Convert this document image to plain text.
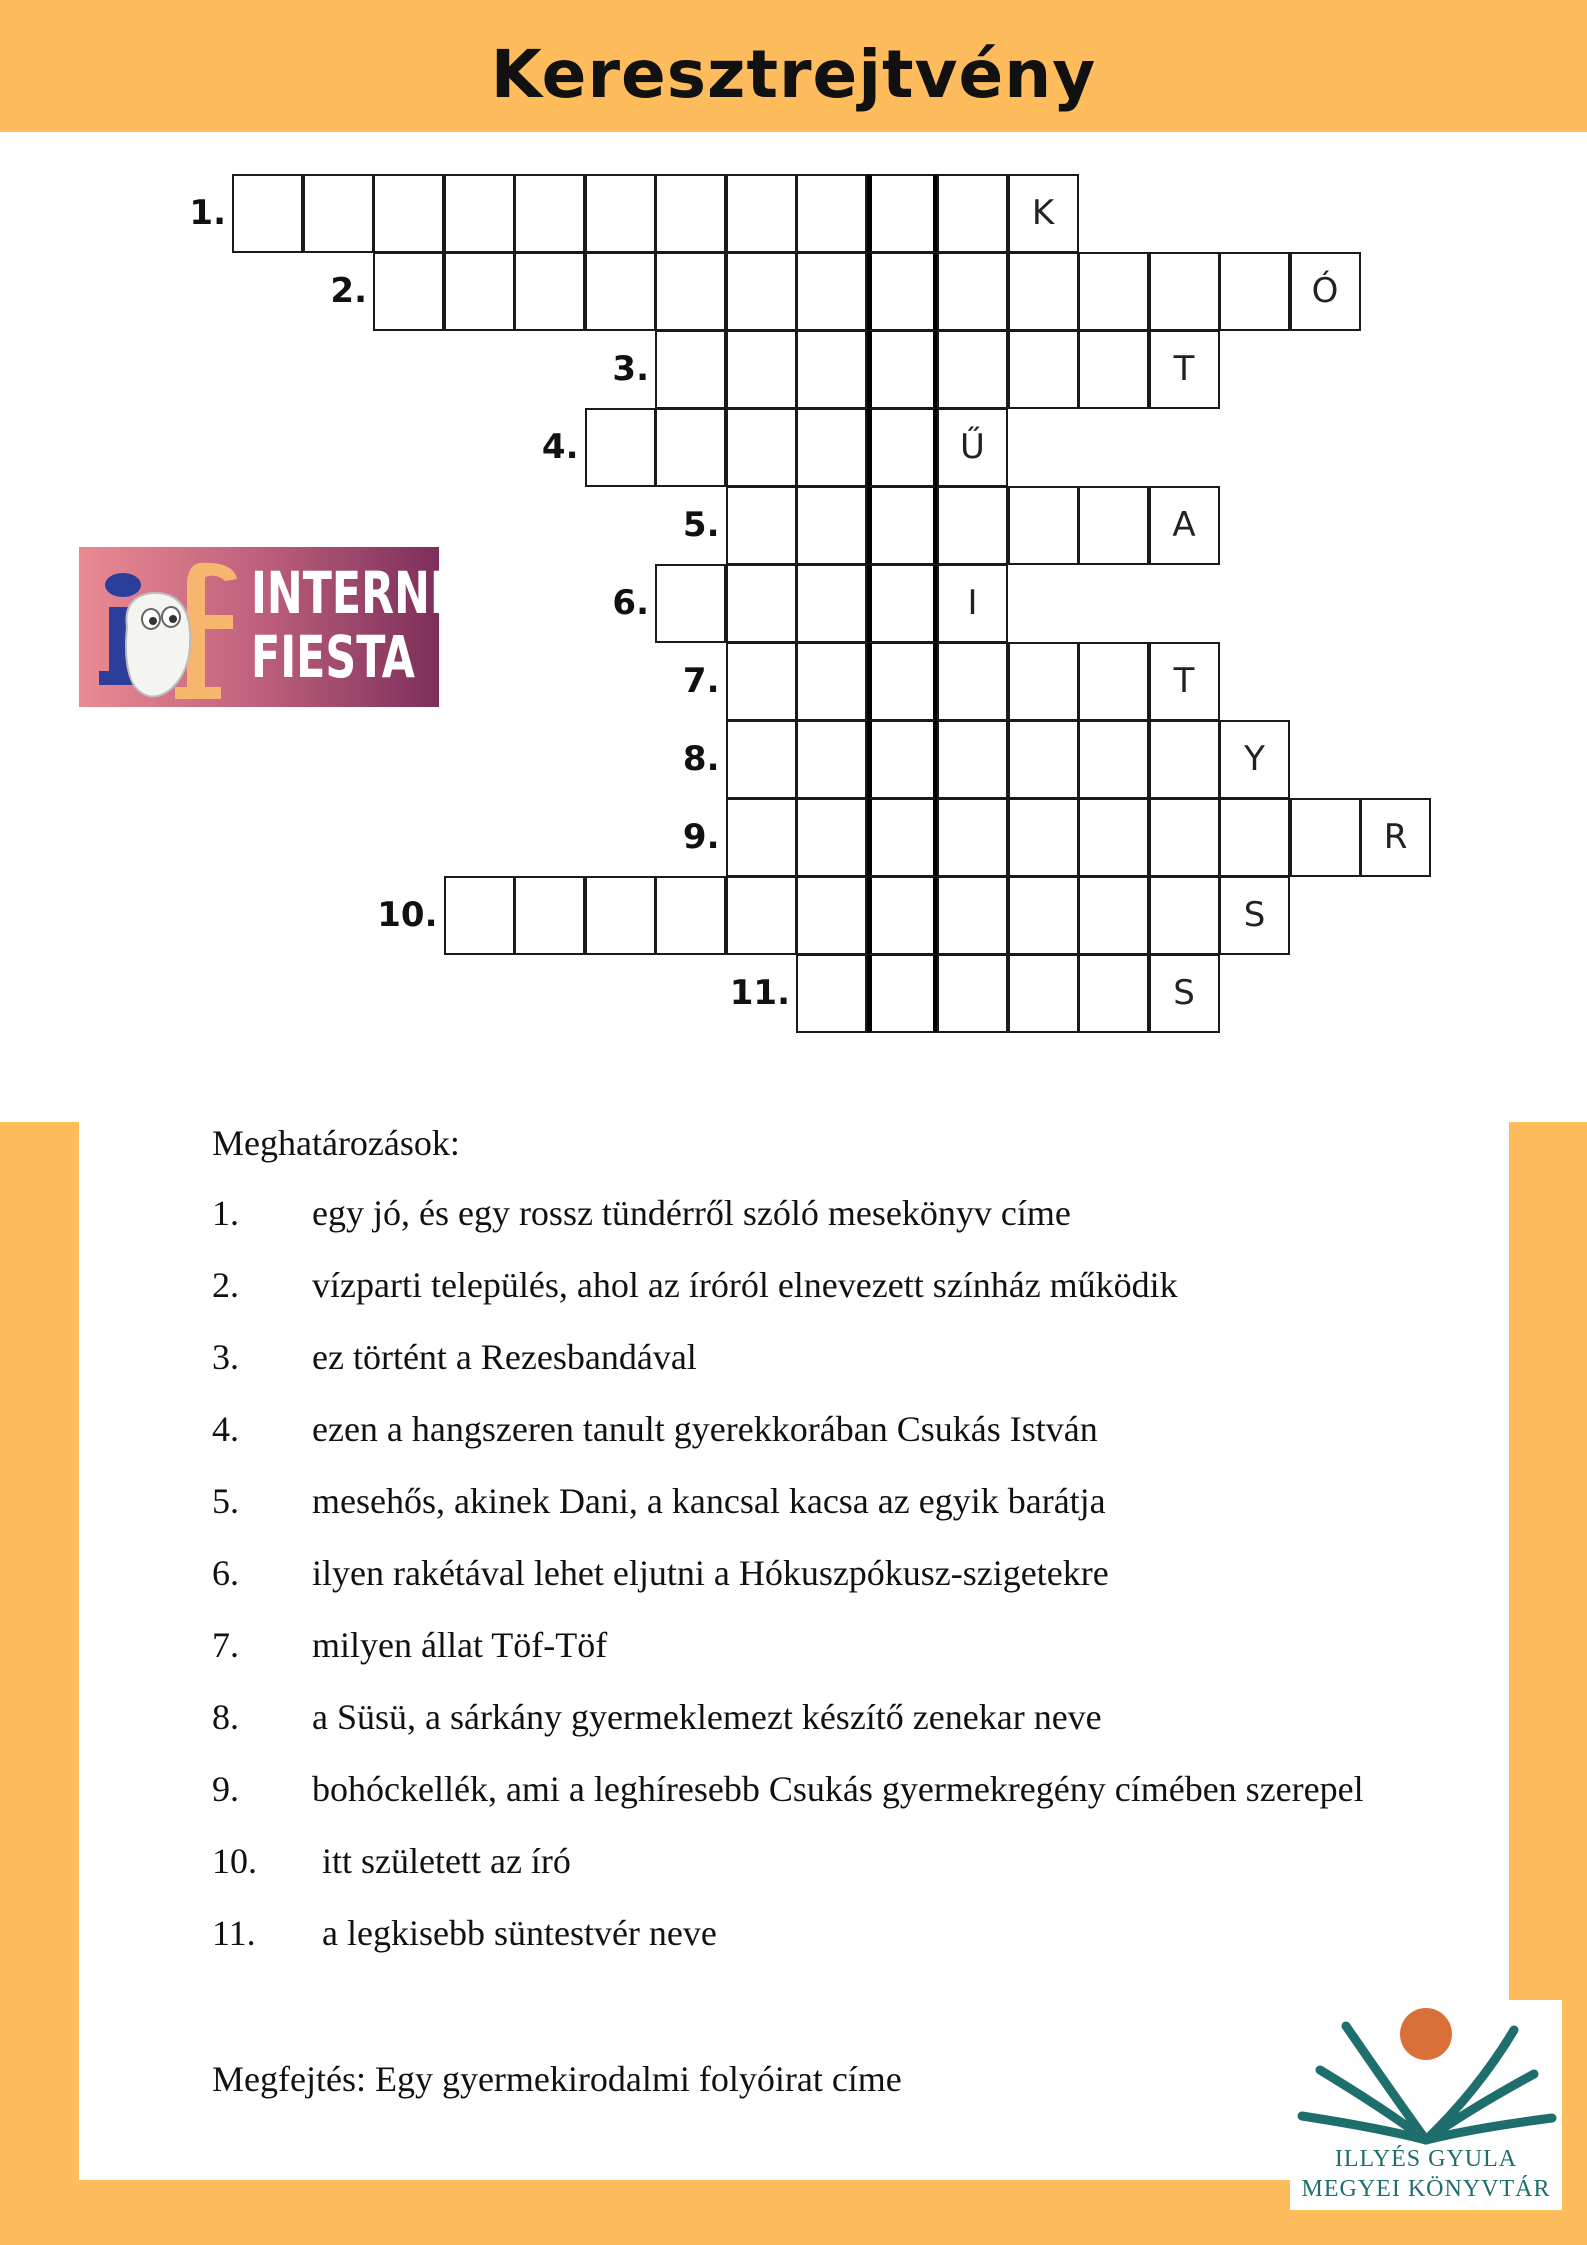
Keresztrejtvény
1.	K
2.	Ó
3.	T
4.	Ű
5.	A
6.	I
7.	T
8.	Y
9.	R
10.	S
11.	S
INTERNET
FIESTA
Meghatározások:
1. egy jó, és egy rossz tündérről szóló mesekönyv címe
2. vízparti település, ahol az íróról elnevezett színház működik
3. ez történt a Rezesbandával
4. ezen a hangszeren tanult gyerekkorában Csukás István
5. mesehős, akinek Dani, a kancsal kacsa az egyik barátja
6. ilyen rakétával lehet eljutni a Hókuszpókusz-szigetekre
7. milyen állat Töf-Töf
8. a Süsü, a sárkány gyermeklemezt készítő zenekar neve
9. bohóckellék, ami a leghíresebb Csukás gyermekregény címében szerepel
10. itt született az író
11. a legkisebb süntestvér neve
Megfejtés: Egy gyermekirodalmi folyóirat címe
ILLYÉS GYULA
MEGYEI KÖNYVTÁR
